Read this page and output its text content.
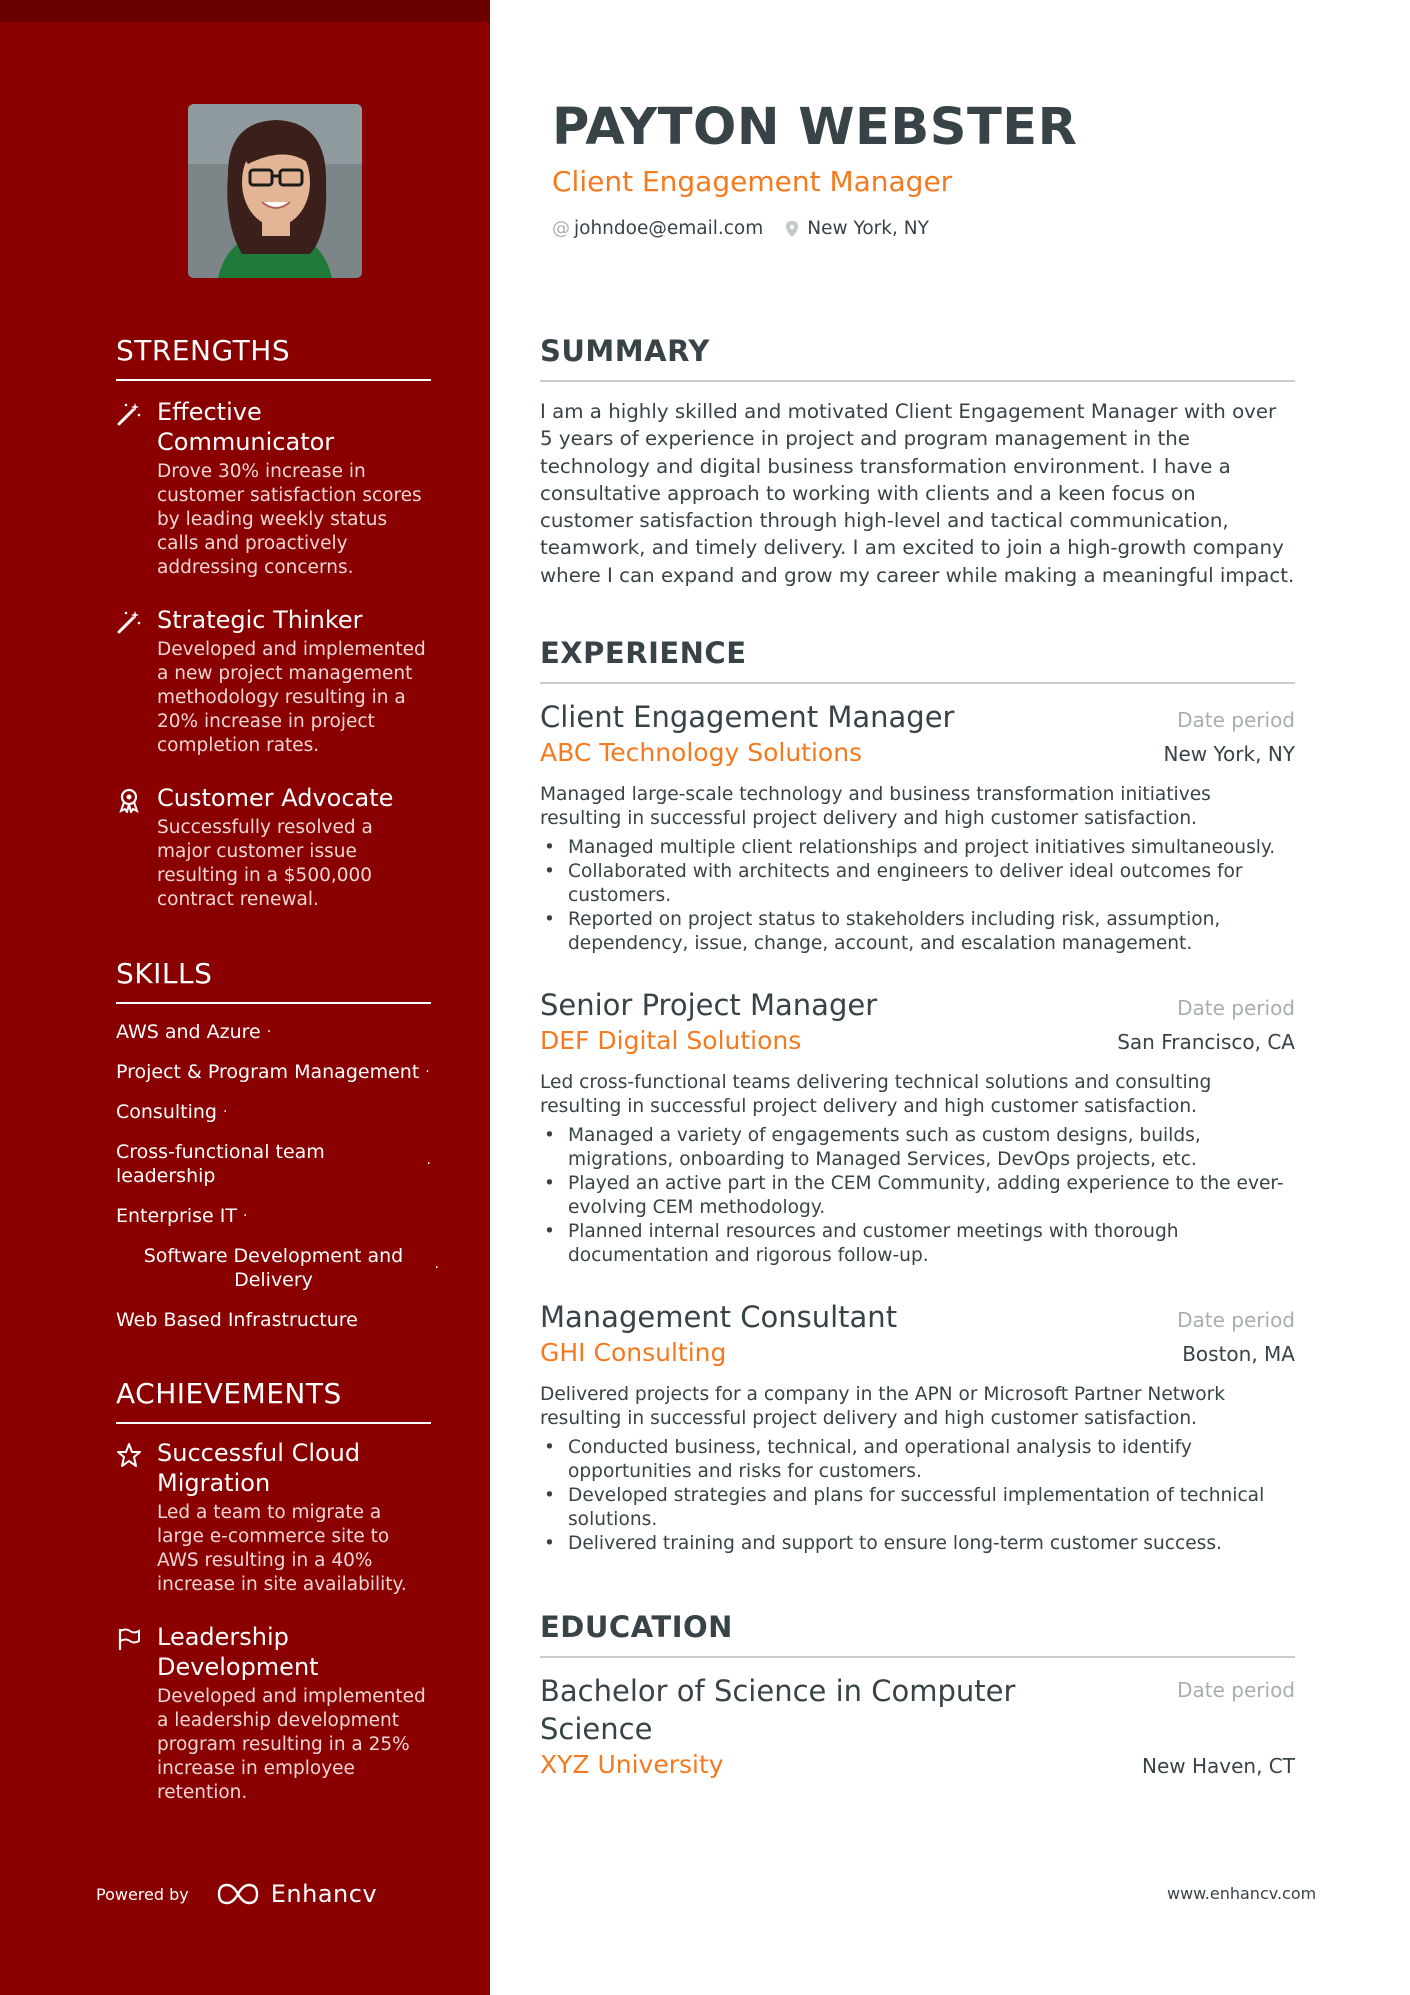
STRENGTHS
Effective Communicator
Drove 30% increase in customer satisfaction scores by leading weekly status calls and proactively addressing concerns.
Strategic Thinker
Developed and implemented a new project management methodology resulting in a 20% increase in project completion rates.
Customer Advocate
Successfully resolved a major customer issue resulting in a $500,000 contract renewal.
SKILLS
AWS and Azure ·
Project & Program Management ·
Consulting ·
Cross-functional team leadership
·
Enterprise IT ·
Software Development and Delivery
·
Web Based Infrastructure
ACHIEVEMENTS
Successful Cloud Migration
Led a team to migrate a large e-commerce site to AWS resulting in a 40% increase in site availability.
Leadership Development
Developed and implemented a leadership development program resulting in a 25% increase in employee retention.
Powered by	Enhancv
PAYTON WEBSTER
Client Engagement Manager
@ johndoe@email.com New York, NY
SUMMARY

I am a highly skilled and motivated Client Engagement Manager with over 5 years of experience in project and program management in the technology and digital business transformation environment. I have a consultative approach to working with clients and a keen focus on customer satisfaction through high-level and tactical communication, teamwork, and timely delivery. I am excited to join a high-growth company where I can expand and grow my career while making a meaningful impact.

EXPERIENCE
Client Engagement Manager	Date period
ABC Technology Solutions	New York, NY
Managed large-scale technology and business transformation initiatives resulting in successful project delivery and high customer satisfaction.
• Managed multiple client relationships and project initiatives simultaneously.
• Collaborated with architects and engineers to deliver ideal outcomes for customers.
• Reported on project status to stakeholders including risk, assumption, dependency, issue, change, account, and escalation management.
Senior Project Manager	Date period
DEF Digital Solutions	San Francisco, CA
Led cross-functional teams delivering technical solutions and consulting resulting in successful project delivery and high customer satisfaction.
• Managed a variety of engagements such as custom designs, builds, migrations, onboarding to Managed Services, DevOps projects, etc.
• Played an active part in the CEM Community, adding experience to the ever-evolving CEM methodology.
• Planned internal resources and customer meetings with thorough documentation and rigorous follow-up.
Management Consultant	Date period
GHI Consulting	Boston, MA
Delivered projects for a company in the APN or Microsoft Partner Network resulting in successful project delivery and high customer satisfaction.
• Conducted business, technical, and operational analysis to identify opportunities and risks for customers.
• Developed strategies and plans for successful implementation of technical solutions.
• Delivered training and support to ensure long-term customer success.
EDUCATION
Bachelor of Science in Computer Science
Date period
XYZ University	New Haven, CT
www.enhancv.com
